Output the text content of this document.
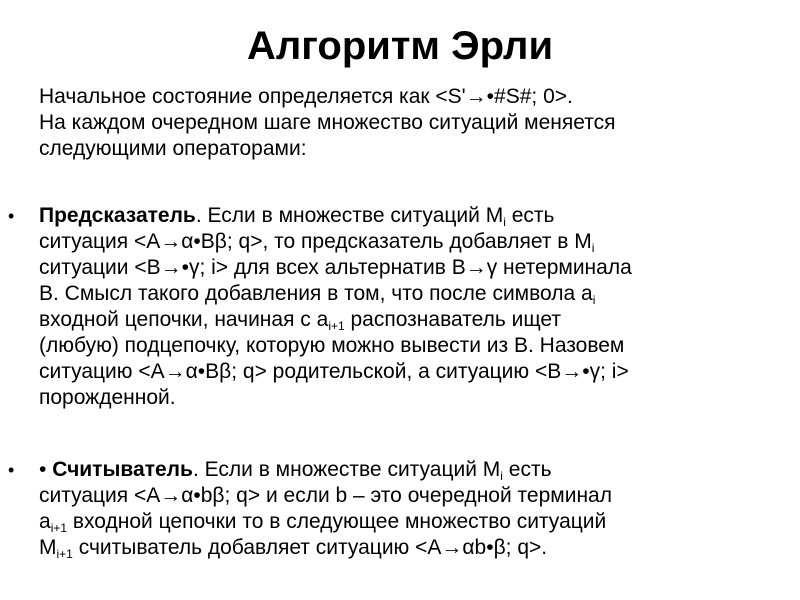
Алгоритм Эрли

Начальное состояние определяется как <S'→•#S#; 0>.

На каждом очередном шаге множество ситуаций меняется

следующими операторами:

• Предсказатель. Если в множестве ситуаций $M_i$ есть
ситуация <A→α•Bβ; q>, то предсказатель добавляет в $M_i$
ситуации <B→•γ; i> для всех альтернатив B→γ нетерминала
B. Смысл такого добавления в том, что после символа $a_i$
входной цепочки, начиная с $a_{i+1}$ распознаватель ищет
(любую) подцепочку, которую можно вывести из B. Назовем
ситуацию <A→α•Bβ; q> родительской, а ситуацию <B→•γ; i>
порожденной.
• • Считыватель. Если в множестве ситуаций $M_i$ есть
ситуация <A→α•bβ; q> и если b – это очередной терминал
$a_{i+1}$ входной цепочки то в следующее множество ситуаций
$M_{i+1}$ считыватель добавляет ситуацию <A→αb•β; q>.
